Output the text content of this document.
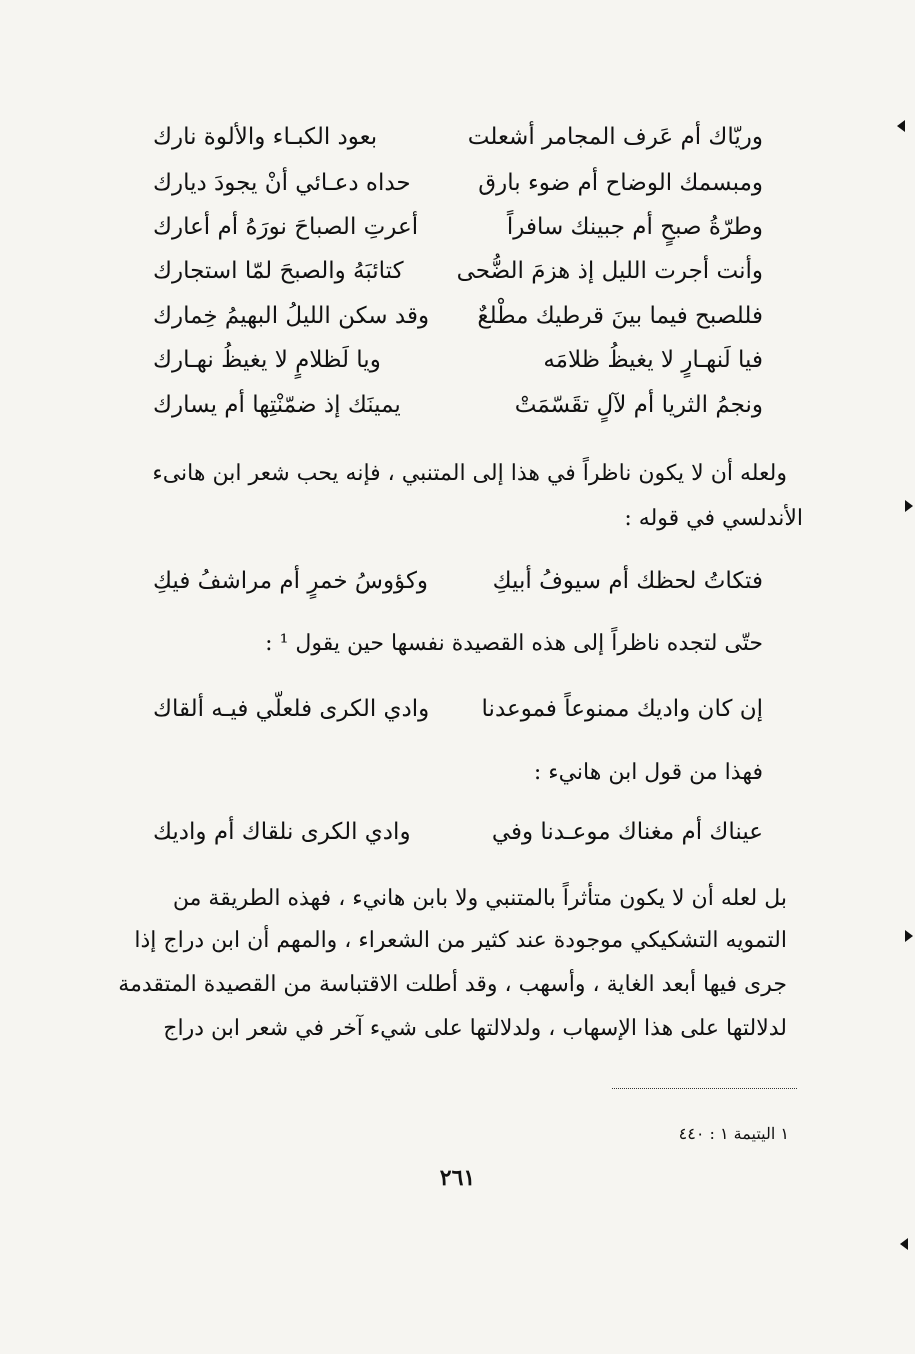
وريّاك أم عَرف المجامر أشعلت
بعود الكبـاء والألوة نارك
ومبسمك الوضاح أم ضوء بارق
حداه دعـائي أنْ يجودَ ديارك
وطرّةُ صبحٍ أم جبينك سافراً
أعرتِ الصباحَ نورَهُ أم أعارك
وأنت أجرت الليل إذ هزمَ الضُّحى
كتائبَهُ والصبحَ لمّا استجارك
فللصبح فيما بينَ قرطيك مطْلعٌ
وقد سكن الليلُ البهيمُ خِمارك
فيا لَنهـارٍ لا يغيظُ ظلامَه
ويا لَظلامٍ لا يغيظُ نهـارك
ونجمُ الثريا أم لآلٍ تقَسّمَتْ
يمينَك إذ ضمّنْتِها أم يسارك
ولعله أن لا يكون ناظراً في هذا إلى المتنبي ، فإنه يحب شعر ابن هانىء
الأندلسي في قوله :
فتكاتُ لحظك أم سيوفُ أبيكِ
وكؤوسُ خمرٍ أم مراشفُ فيكِ
حتّى لتجده ناظراً إلى هذه القصيدة نفسها حين يقول ¹ :
إن كان واديك ممنوعاً فموعدنا
وادي الكرى فلعلّي فيـه ألقاك
فهذا من قول ابن هانيء :
عيناك أم مغناك موعـدنا وفي
وادي الكرى نلقاك أم واديك
بل لعله أن لا يكون متأثراً بالمتنبي ولا بابن هانيء ، فهذه الطريقة من
التمويه التشكيكي موجودة عند كثير من الشعراء ، والمهم أن ابن دراج إذا
جرى فيها أبعد الغاية ، وأسهب ، وقد أطلت الاقتباسة من القصيدة المتقدمة
لدلالتها على هذا الإسهاب ، ولدلالتها على شيء آخر في شعر ابن دراج
١ اليتيمة ١ : ٤٤٠
٢٦١
